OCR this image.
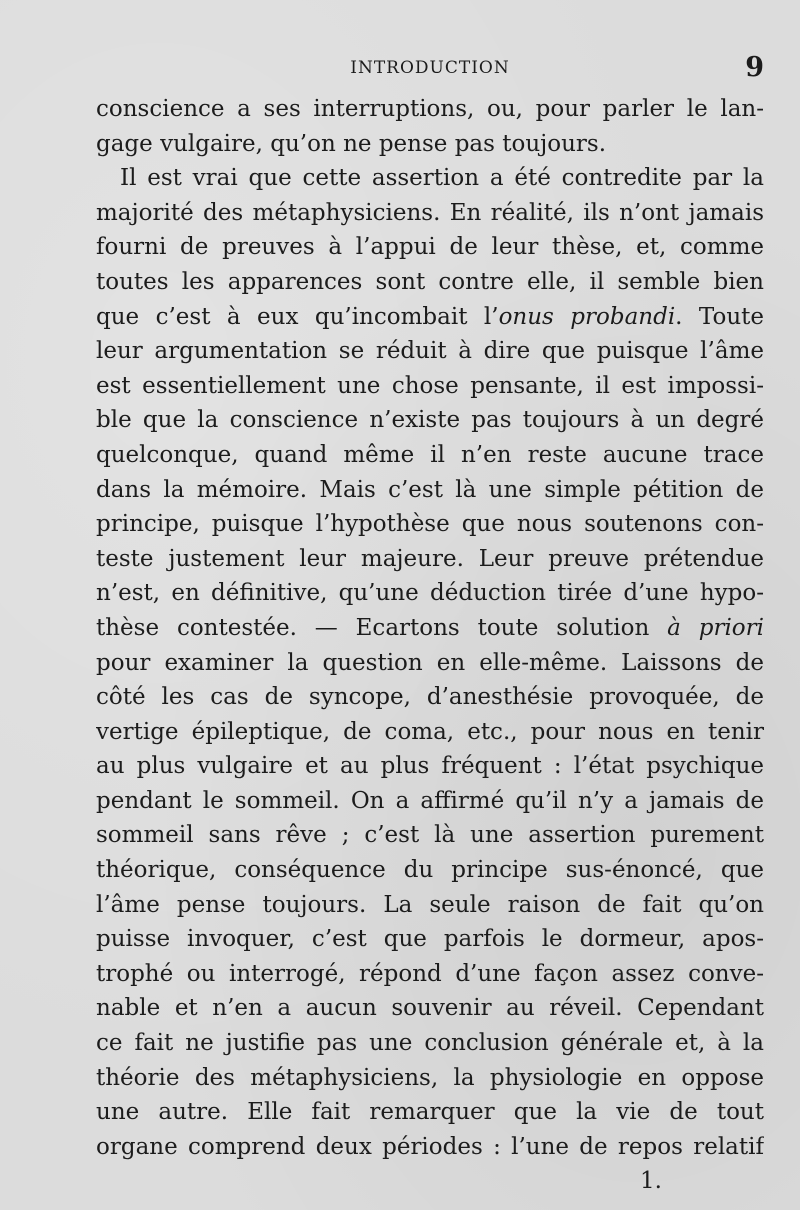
INTRODUCTION	9
conscience a ses interruptions, ou, pour parler le lan-
gage vulgaire, qu’on ne pense pas toujours.
Il est vrai que cette assertion a été contredite par la
majorité des métaphysiciens. En réalité, ils n’ont jamais
fourni de preuves à l’appui de leur thèse, et, comme
toutes les apparences sont contre elle, il semble bien
que c’est à eux qu’incombait l’onus probandi. Toute
leur argumentation se réduit à dire que puisque l’âme
est essentiellement une chose pensante, il est impossi-
ble que la conscience n’existe pas toujours à un degré
quelconque, quand même il n’en reste aucune trace
dans la mémoire. Mais c’est là une simple pétition de
principe, puisque l’hypothèse que nous soutenons con-
teste justement leur majeure. Leur preuve prétendue
n’est, en définitive, qu’une déduction tirée d’une hypo-
thèse contestée. — Ecartons toute solution à priori
pour examiner la question en elle-même. Laissons de
côté les cas de syncope, d’anesthésie provoquée, de
vertige épileptique, de coma, etc., pour nous en tenir
au plus vulgaire et au plus fréquent : l’état psychique
pendant le sommeil. On a affirmé qu’il n’y a jamais de
sommeil sans rêve ; c’est là une assertion purement
théorique, conséquence du principe sus-énoncé, que
l’âme pense toujours. La seule raison de fait qu’on
puisse invoquer, c’est que parfois le dormeur, apos-
trophé ou interrogé, répond d’une façon assez conve-
nable et n’en a aucun souvenir au réveil. Cependant
ce fait ne justifie pas une conclusion générale et, à la
théorie des métaphysiciens, la physiologie en oppose
une autre. Elle fait remarquer que la vie de tout
organe comprend deux périodes : l’une de repos relatif
1.
